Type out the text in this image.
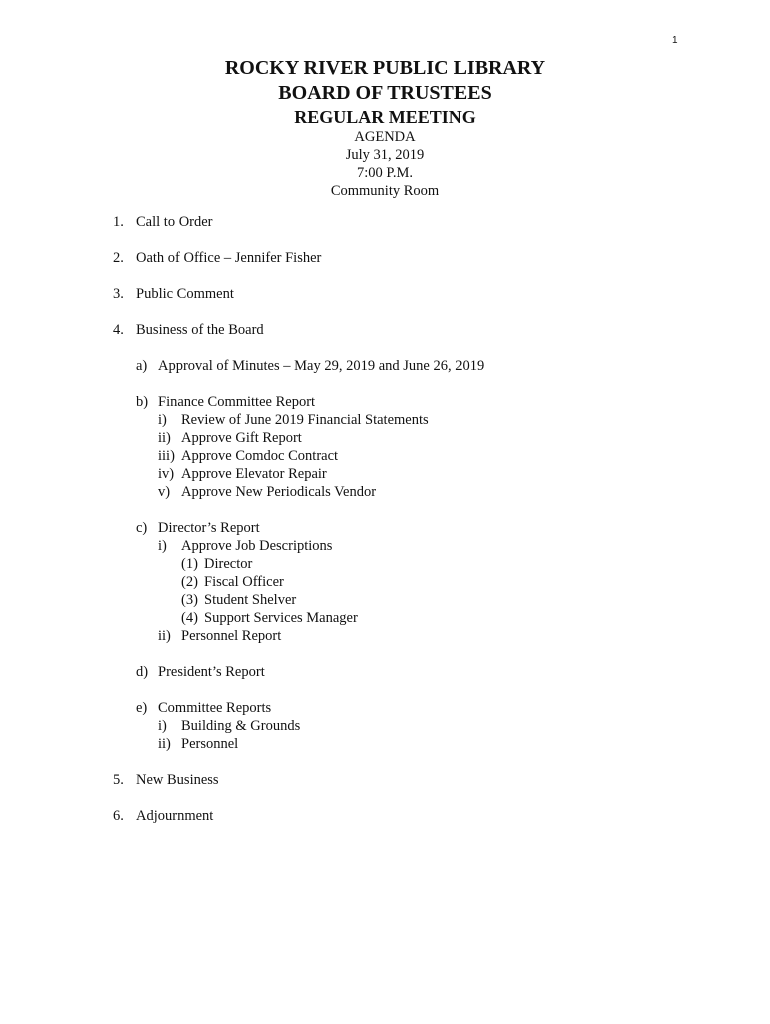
1
ROCKY RIVER PUBLIC LIBRARY
BOARD OF TRUSTEES
REGULAR MEETING
AGENDA
July 31, 2019
7:00 P.M.
Community Room
1. Call to Order
2. Oath of Office – Jennifer Fisher
3. Public Comment
4. Business of the Board
a) Approval of Minutes – May 29, 2019 and June 26, 2019
b) Finance Committee Report
i) Review of June 2019 Financial Statements
ii) Approve Gift Report
iii) Approve Comdoc Contract
iv) Approve Elevator Repair
v) Approve New Periodicals Vendor
c) Director’s Report
i) Approve Job Descriptions
(1) Director
(2) Fiscal Officer
(3) Student Shelver
(4) Support Services Manager
ii) Personnel Report
d) President’s Report
e) Committee Reports
i) Building & Grounds
ii) Personnel
5. New Business
6. Adjournment
